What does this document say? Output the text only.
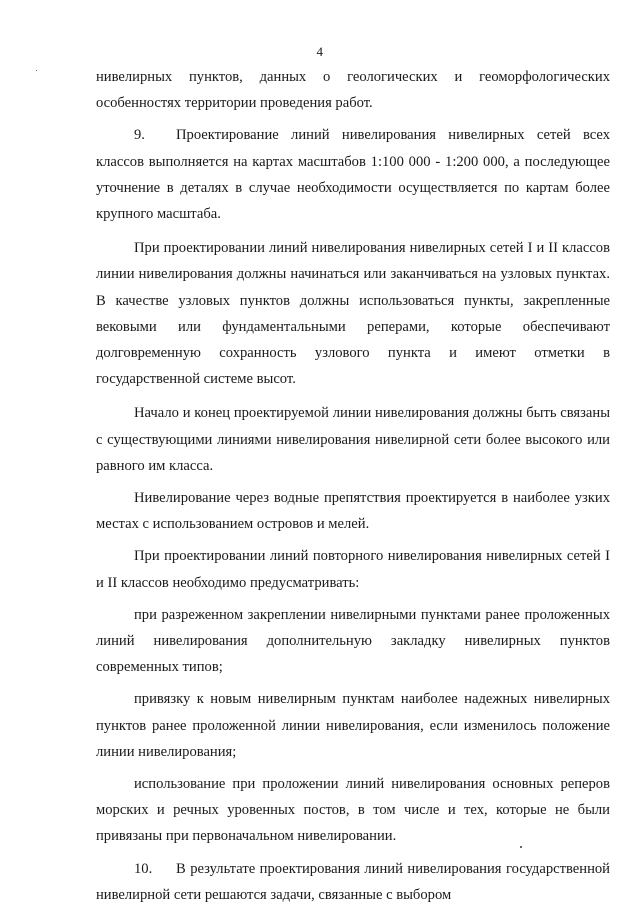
4

нивелирных пунктов, данных о геологических и геоморфологических особенностях территории проведения работ.

9. Проектирование линий нивелирования нивелирных сетей всех классов выполняется на картах масштабов 1:100 000 - 1:200 000, а последующее уточнение в деталях в случае необходимости осуществляется по картам более крупного масштаба.

При проектировании линий нивелирования нивелирных сетей I и II классов линии нивелирования должны начинаться или заканчиваться на узловых пунктах. В качестве узловых пунктов должны использоваться пункты, закрепленные вековыми или фундаментальными реперами, которые обеспечивают долговременную сохранность узлового пункта и имеют отметки в государственной системе высот.

Начало и конец проектируемой линии нивелирования должны быть связаны с существующими линиями нивелирования нивелирной сети более высокого или равного им класса.

Нивелирование через водные препятствия проектируется в наиболее узких местах с использованием островов и мелей.

При проектировании линий повторного нивелирования нивелирных сетей I и II классов необходимо предусматривать:

при разреженном закреплении нивелирными пунктами ранее проложенных линий нивелирования дополнительную закладку нивелирных пунктов современных типов;

привязку к новым нивелирным пунктам наиболее надежных нивелирных пунктов ранее проложенной линии нивелирования, если изменилось положение линии нивелирования;

использование при проложении линий нивелирования основных реперов морских и речных уровенных постов, в том числе и тех, которые не были привязаны при первоначальном нивелировании.

10. В результате проектирования линий нивелирования государственной нивелирной сети решаются задачи, связанные с выбором
